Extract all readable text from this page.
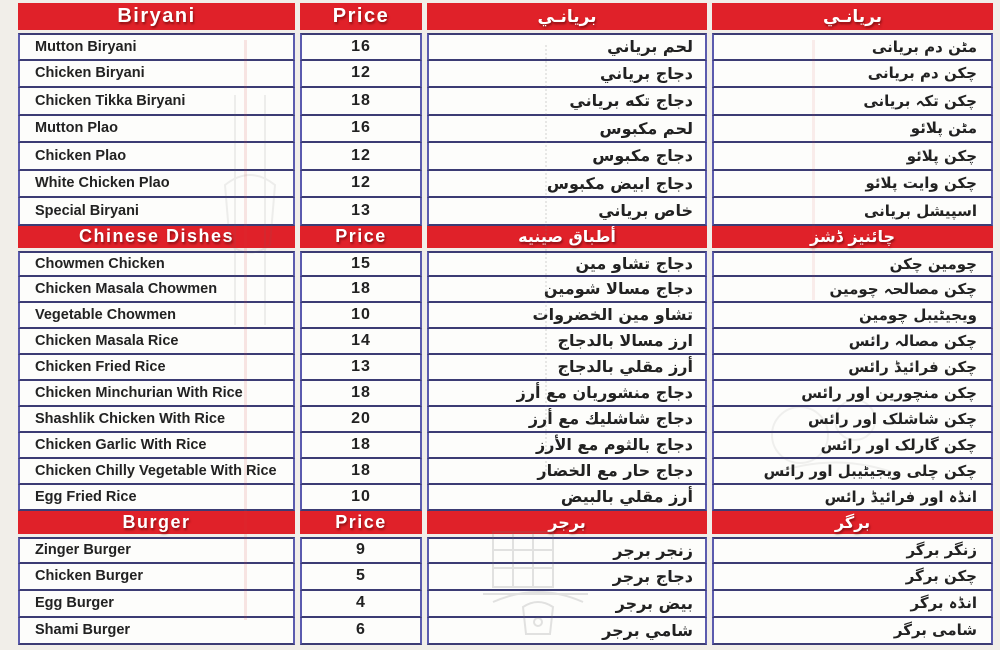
Biryani	Price	بريانـي	بريانـي
Mutton Biryani	16	لحم برياني	مٹن دم بریانی
Chicken Biryani	12	دجاج برياني	چکن دم بریانی
Chicken Tikka Biryani	18	دجاج تكه برياني	چکن تکہ بریانی
Mutton Plao	16	لحم مكبوس	مٹن پلائو
Chicken Plao	12	دجاج مكبوس	چکن پلائو
White Chicken Plao	12	دجاج ابيض مكبوس	چکن وایت پلائو
Special Biryani	13	خاص برياني	اسپیشل بریانی
Chinese Dishes	Price	أطباق صينيه	چائنیز ڈشز
Chowmen Chicken	15	دجاج تشاو مين	چومین چکن
Chicken Masala Chowmen	18	دجاج مسالا شومين	چکن مصالحہ چومین
Vegetable Chowmen	10	تشاو مين الخضروات	ویجیٹیبل چومین
Chicken Masala Rice	14	ارز مسالا بالدجاج	چکن مصالہ رائس
Chicken Fried Rice	13	أرز مقلي بالدجاج	چکن فرائیڈ رائس
Chicken Minchurian With Rice	18	دجاج منشوريان مع أرز	چکن منچورین اور رائس
Shashlik Chicken With Rice	20	دجاج شاشليك مع أرز	چکن شاشلک اور رائس
Chicken Garlic With Rice	18	دجاج بالثوم مع الأرز	چکن گارلک اور رائس
Chicken Chilly Vegetable With Rice	18	دجاج حار مع الخضار	چکن چلی ویجیٹیبل اور رائس
Egg Fried Rice	10	أرز مقلي بالبيض	انڈہ اور فرائیڈ رائس
Burger	Price	برجر	برگر
Zinger Burger	9	زنجر برجر	زنگر برگر
Chicken Burger	5	دجاج برجر	چکن برگر
Egg Burger	4	بيض برجر	انڈہ برگر
Shami Burger	6	شامي برجر	شامی برگر
